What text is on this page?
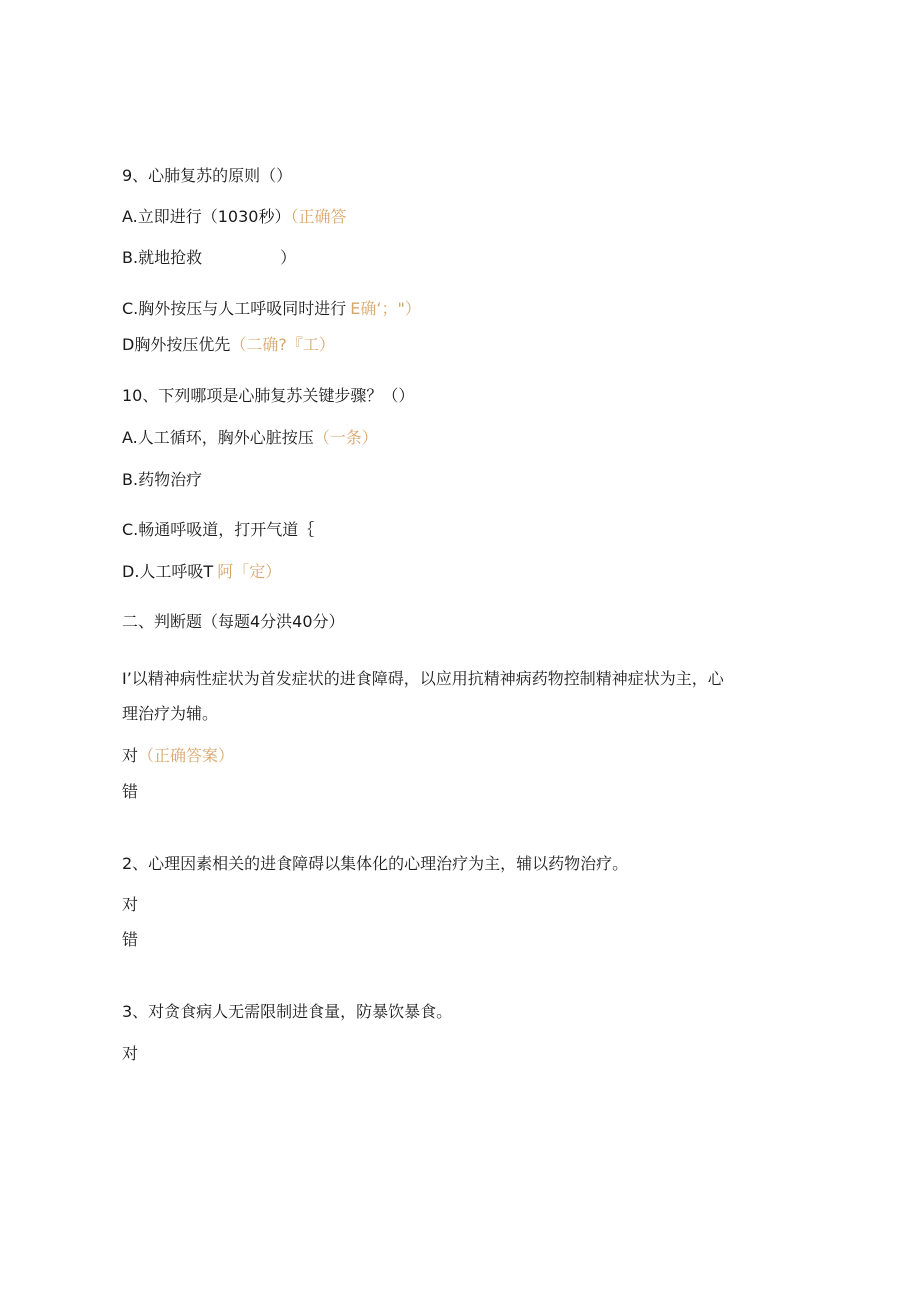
9、心肺复苏的原则（）
A.立即进行（1030秒）（正确答
B.就地抢救	）
C.胸外按压与人工呼吸同时进行 E确‘；"）
D胸外按压优先（二确?『工）
10、下列哪项是心肺复苏关键步骤？（）
A.人工循环，胸外心脏按压（一条）
B.药物治疗
C.畅通呼吸道，打开气道｛
D.人工呼吸T 阿「定）
二、判断题（每题4分洪40分）
I’以精神病性症状为首发症状的进食障碍，以应用抗精神病药物控制精神症状为主，心
理治疗为辅。
对（正确答案）
错
2、心理因素相关的进食障碍以集体化的心理治疗为主，辅以药物治疗。
对
错
3、对贪食病人无需限制进食量，防暴饮暴食。
对
